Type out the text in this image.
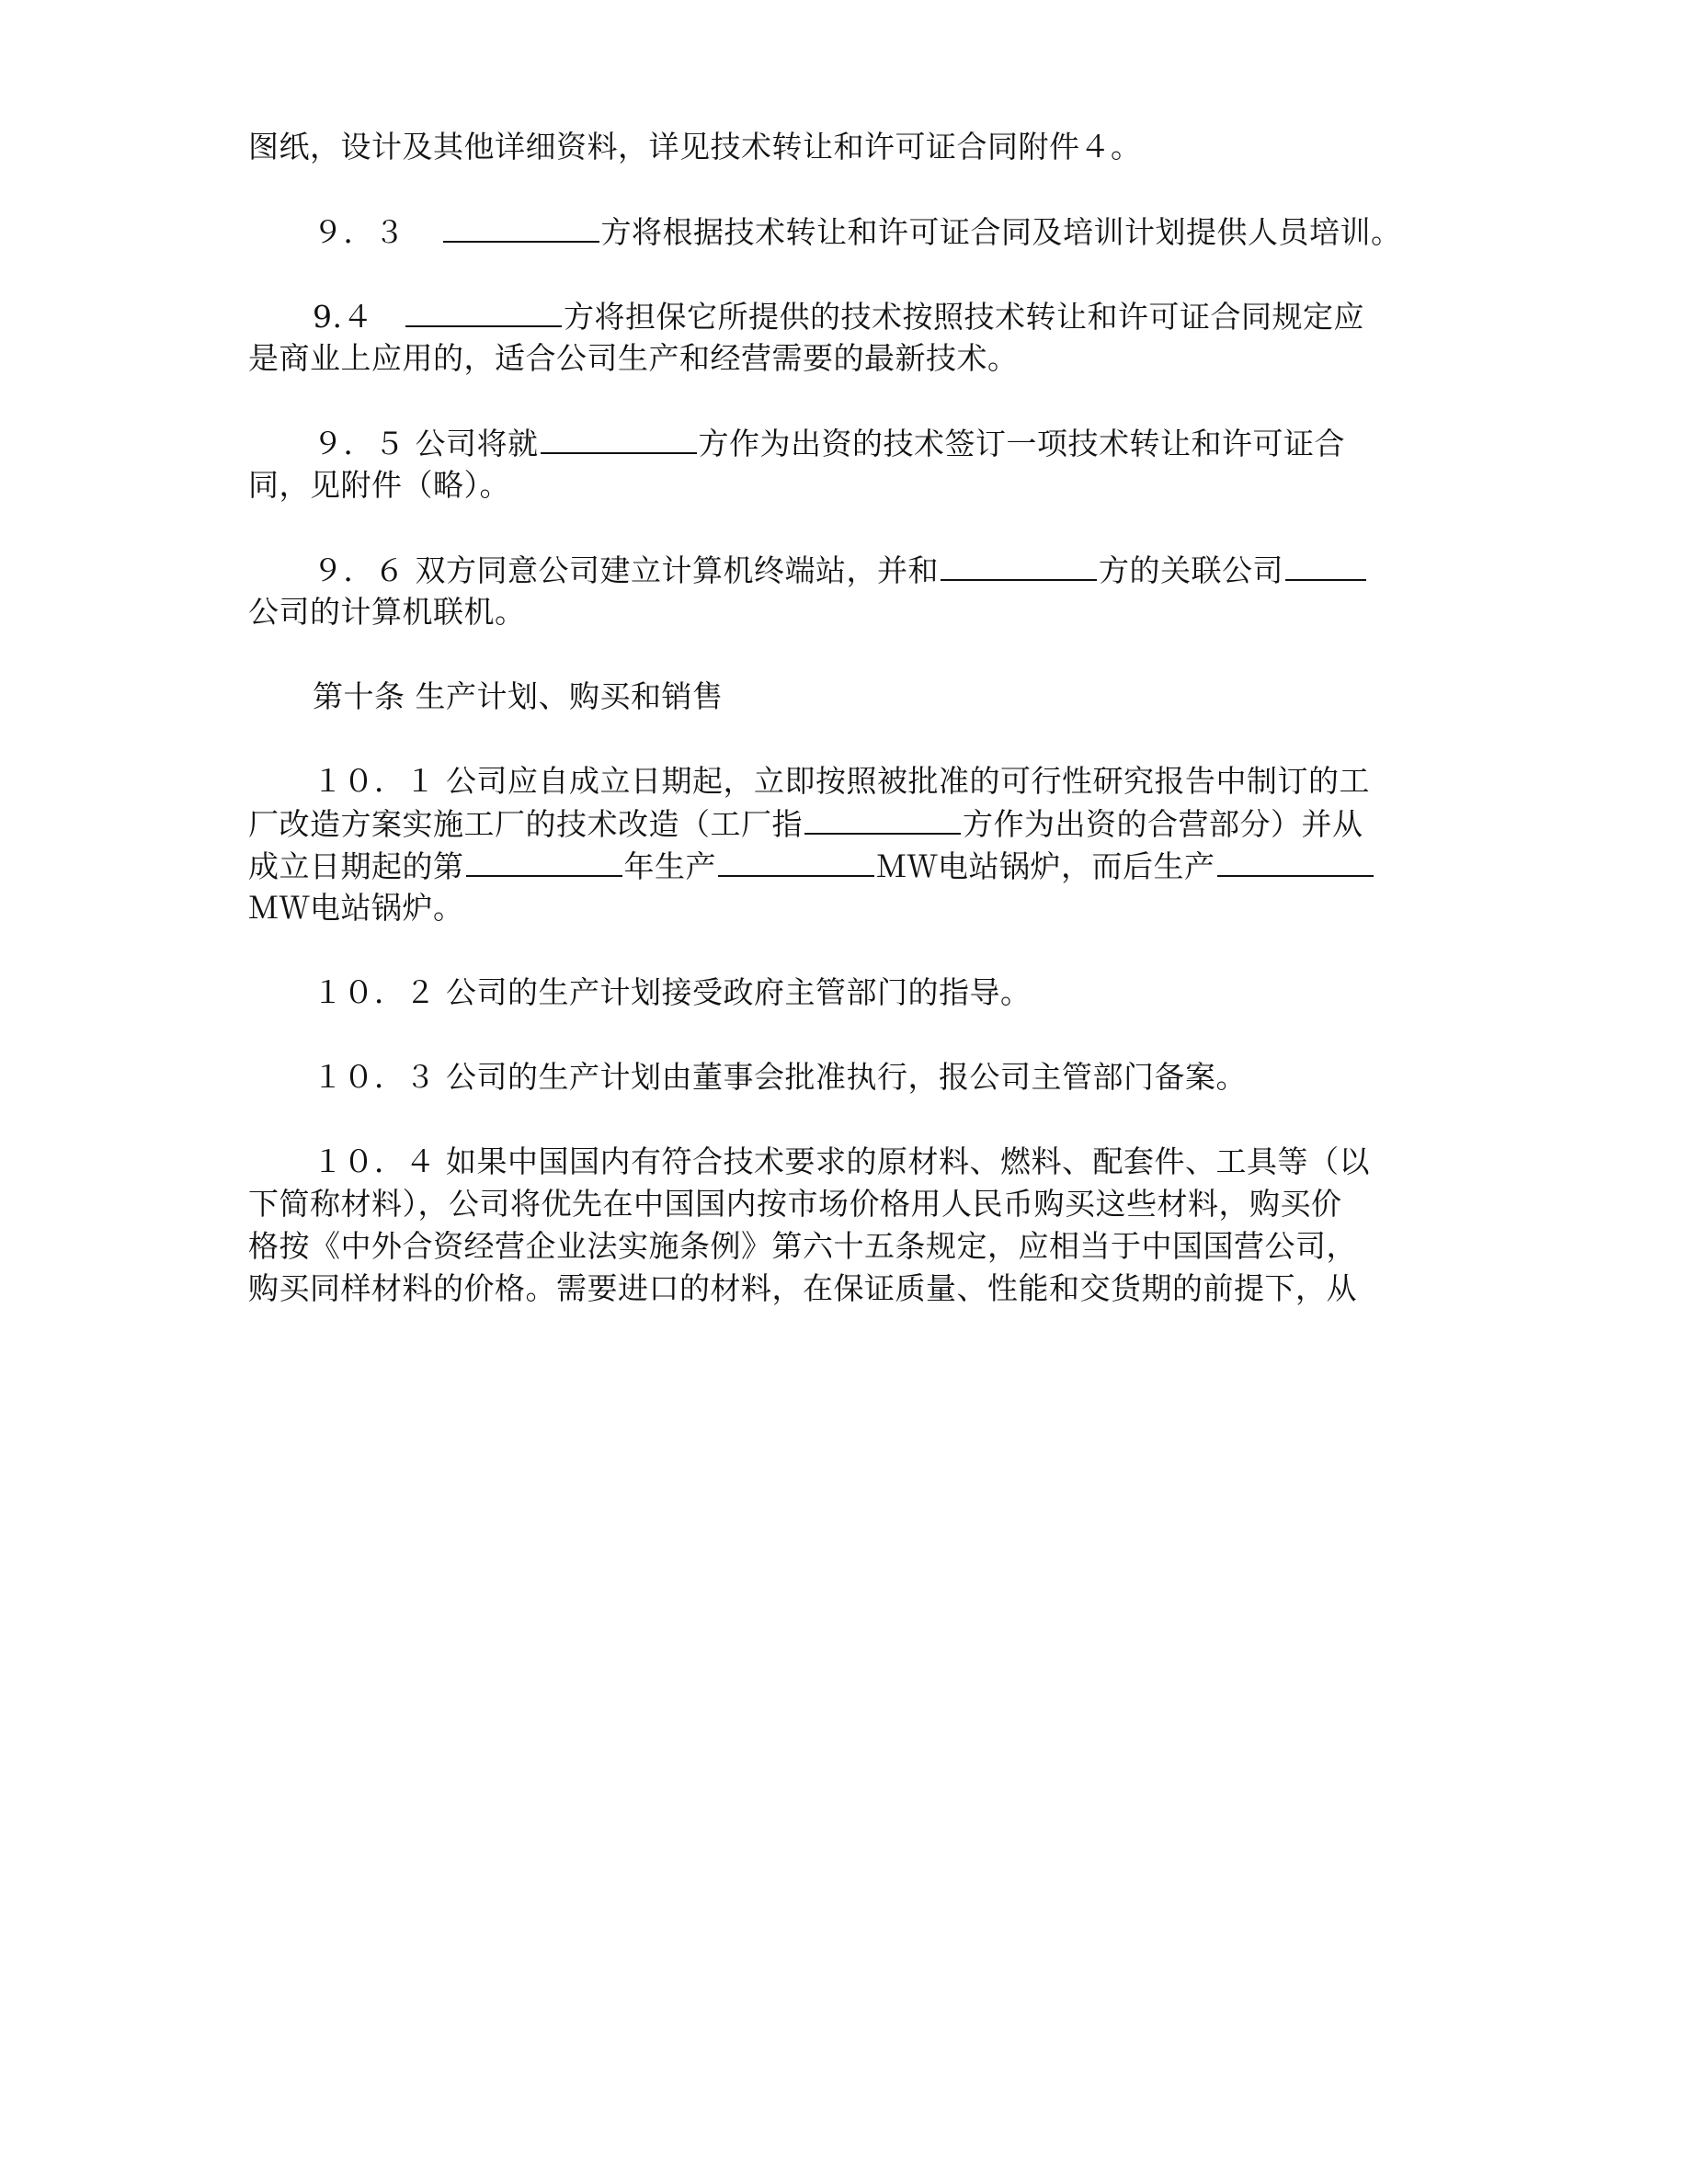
图纸，设计及其他详细资料，详见技术转让和许可证合同附件４。
９．３	方将根据技术转让和许可证合同及培训计划提供人员培训。
9.４	方将担保它所提供的技术按照技术转让和许可证合同规定应
是商业上应用的，适合公司生产和经营需要的最新技术。
９．５ 公司将就	方作为出资的技术签订一项技术转让和许可证合
同，见附件（略）。
９．６ 双方同意公司建立计算机终端站，并和	方的关联公司
公司的计算机联机。
第十条 生产计划、购买和销售
１０．１ 公司应自成立日期起，立即按照被批准的可行性研究报告中制订的工
厂改造方案实施工厂的技术改造（工厂指	方作为出资的合营部分）并从
成立日期起的第	年生产	ＭＷ电站锅炉，而后生产
ＭＷ电站锅炉。
１０．２ 公司的生产计划接受政府主管部门的指导。
１０．３ 公司的生产计划由董事会批准执行，报公司主管部门备案。
１０．４ 如果中国国内有符合技术要求的原材料、燃料、配套件、工具等（以
下简称材料），公司将优先在中国国内按市场价格用人民币购买这些材料，购买价
格按《中外合资经营企业法实施条例》第六十五条规定，应相当于中国国营公司，
购买同样材料的价格。需要进口的材料，在保证质量、性能和交货期的前提下，从
